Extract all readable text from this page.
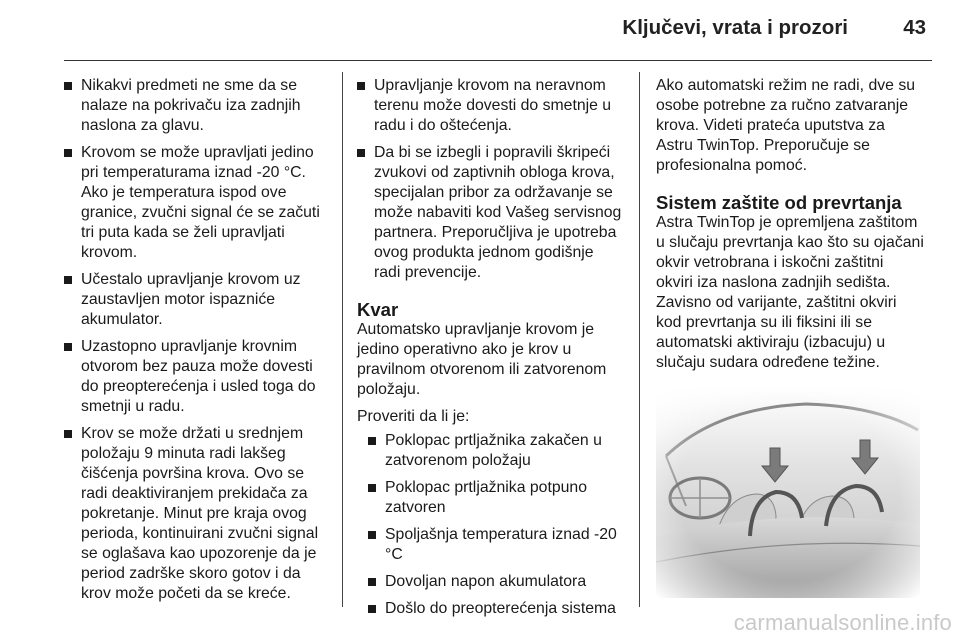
Ključevi, vrata i prozori	43
Nikakvi predmeti ne sme da se nalaze na pokrivaču iza zadnjih naslona za glavu.
Krovom se može upravljati jedino pri temperaturama iznad -20 °C. Ako je temperatura ispod ove granice, zvučni signal će se začuti tri puta kada se želi upravljati krovom.
Učestalo upravljanje krovom uz zaustavljen motor ispazniće akumulator.
Uzastopno upravljanje krovnim otvorom bez pauza može dovesti do preopterećenja i usled toga do smetnji u radu.
Krov se može držati u srednjem položaju 9 minuta radi lakšeg čišćenja površina krova. Ovo se radi deaktiviranjem prekidača za pokretanje. Minut pre kraja ovog perioda, kontinuirani zvučni signal se oglašava kao upozorenje da je period zadrške skoro gotov i da krov može početi da se kreće.
Upravljanje krovom na neravnom terenu može dovesti do smetnje u radu i do oštećenja.
Da bi se izbegli i popravili škripeći zvukovi od zaptivnih obloga krova, specijalan pribor za održavanje se može nabaviti kod Vašeg servisnog partnera. Preporučljiva je upotreba ovog produkta jednom godišnje radi prevencije.
Kvar

Automatsko upravljanje krovom je jedino operativno ako je krov u pravilnom otvorenom ili zatvorenom položaju.

Proveriti da li je:

Poklopac prtljažnika zakačen u zatvorenom položaju
Poklopac prtljažnika potpuno zatvoren
Spoljašnja temperatura iznad -20 °C
Dovoljan napon akumulatora
Došlo do preopterećenja sistema

Ako automatski režim ne radi, dve su osobe potrebne za ručno zatvaranje krova. Videti prateća uputstva za Astru TwinTop. Preporučuje se profesionalna pomoć.

Sistem zaštite od prevrtanja

Astra TwinTop je opremljena zaštitom u slučaju prevrtanja kao što su ojačani okvir vetrobrana i iskočni zaštitni okviri iza naslona zadnjih sedišta. Zavisno od varijante, zaštitni okviri kod prevrtanja su ili fiksini ili se automatski aktiviraju (izbacuju) u slučaju sudara određene težine.

carmanualsonline.info
